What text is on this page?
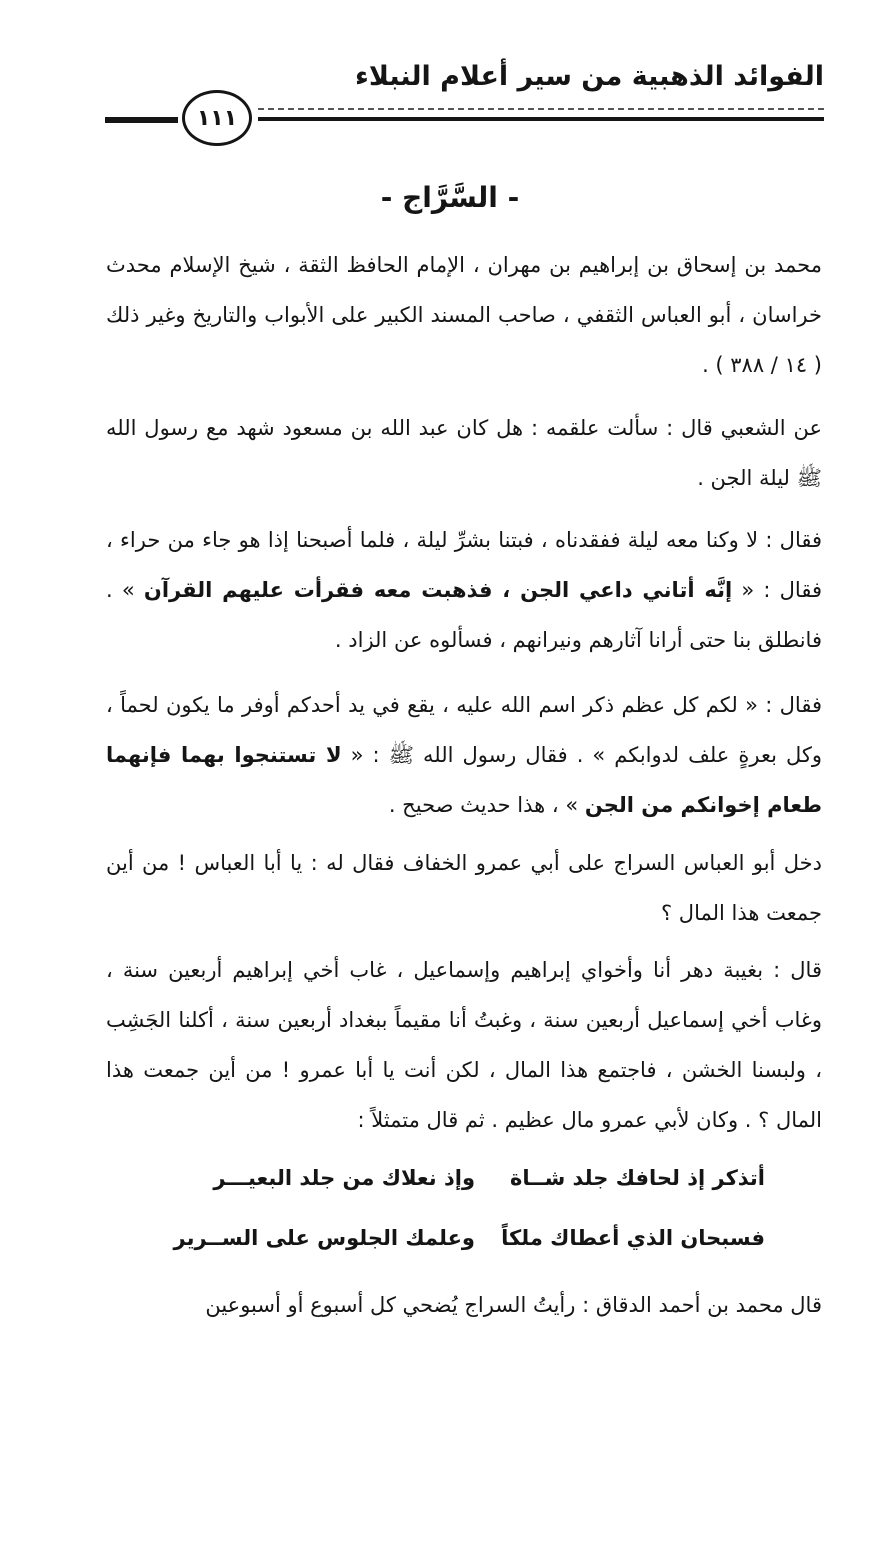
الفوائد الذهبية من سير أعلام النبلاء
١١١
- السَّرَّاج -
محمد بن إسحاق بن إبراهيم بن مهران ، الإمام الحافظ الثقة ، شيخ الإسلام محدث خراسان ، أبو العباس الثقفي ، صاحب المسند الكبير على الأبواب والتاريخ وغير ذلك ( ١٤ / ٣٨٨ ) .
عن الشعبي قال : سألت علقمه : هل كان عبد الله بن مسعود شهد مع رسول الله ﷺ ليلة الجن .
فقال : لا وكنا معه ليلة ففقدناه ، فبتنا بشرِّ ليلة ، فلما أصبحنا إذا هو جاء من حراء ، فقال : « إنَّه أتاني داعي الجن ، فذهبت معه فقرأت عليهم القرآن » . فانطلق بنا حتى أرانا آثارهم ونيرانهم ، فسألوه عن الزاد .
فقال : « لكم كل عظم ذكر اسم الله عليه ، يقع في يد أحدكم أوفر ما يكون لحماً ، وكل بعرةٍ علف لدوابكم » . فقال رسول الله ﷺ : « لا تستنجوا بهما فإنهما طعام إخوانكم من الجن » ، هذا حديث صحيح .
دخل أبو العباس السراج على أبي عمرو الخفاف فقال له : يا أبا العباس ! من أين جمعت هذا المال ؟
قال : بغيبة دهر أنا وأخواي إبراهيم وإسماعيل ، غاب أخي إبراهيم أربعين سنة ، وغاب أخي إسماعيل أربعين سنة ، وغبتُ أنا مقيماً ببغداد أربعين سنة ، أكلنا الجَشِب ، ولبسنا الخشن ، فاجتمع هذا المال ، لكن أنت يا أبا عمرو ! من أين جمعت هذا المال ؟ . وكان لأبي عمرو مال عظيم . ثم قال متمثلاً :
أتذكر إذ لحافك جلد شــاةوإذ نعلاك من جلد البعيـــر
فسبحان الذي أعطاك ملكاًوعلمك الجلوس على الســرير
قال محمد بن أحمد الدقاق : رأيتُ السراج يُضحي كل أسبوع أو أسبوعين
